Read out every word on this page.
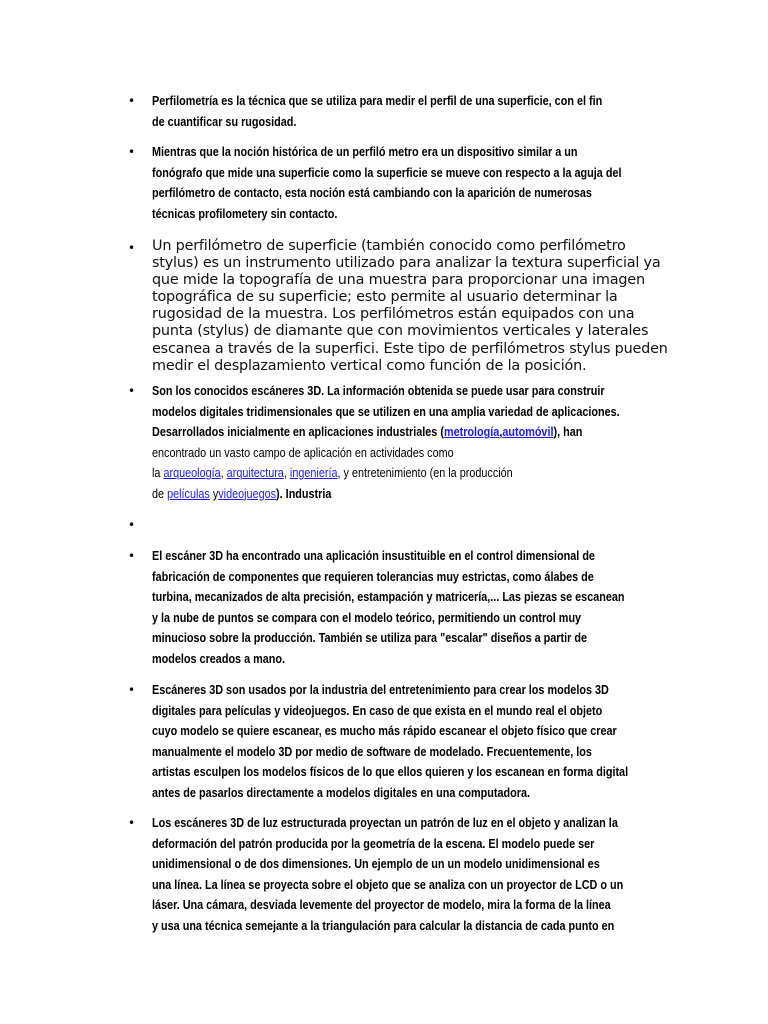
• Perfilometría es la técnica que se utiliza para medir el perfil de una superficie, con el fin
de cuantificar su rugosidad.
• Mientras que la noción histórica de un perfiló metro era un dispositivo similar a un
fonógrafo que mide una superficie como la superficie se mueve con respecto a la aguja del
perfilómetro de contacto, esta noción está cambiando con la aparición de numerosas
técnicas profilometery sin contacto.
• Un perfilómetro de superficie (también conocido como perfilómetro
stylus) es un instrumento utilizado para analizar la textura superficial ya
que mide la topografía de una muestra para proporcionar una imagen
topográfica de su superficie; esto permite al usuario determinar la
rugosidad de la muestra. Los perfilómetros están equipados con una
punta (stylus) de diamante que con movimientos verticales y laterales
escanea a través de la superfici. Este tipo de perfilómetros stylus pueden
medir el desplazamiento vertical como función de la posición.
• Son los conocidos escáneres 3D. La información obtenida se puede usar para construir
modelos digitales tridimensionales que se utilizen en una amplia variedad de aplicaciones.
Desarrollados inicialmente en aplicaciones industriales (metrología,automóvil), han
encontrado un vasto campo de aplicación en actividades como
la arqueología, arquitectura, ingeniería, y entretenimiento (en la producción
de películas yvideojuegos). Industria
•
• El escáner 3D ha encontrado una aplicación insustituible en el control dimensional de
fabricación de componentes que requieren tolerancias muy estrictas, como álabes de
turbina, mecanizados de alta precisión, estampación y matricería,... Las piezas se escanean
y la nube de puntos se compara con el modelo teórico, permitiendo un control muy
minucioso sobre la producción. También se utiliza para "escalar" diseños a partir de
modelos creados a mano.
• Escáneres 3D son usados por la industria del entretenimiento para crear los modelos 3D
digitales para películas y videojuegos. En caso de que exista en el mundo real el objeto
cuyo modelo se quiere escanear, es mucho más rápido escanear el objeto físico que crear
manualmente el modelo 3D por medio de software de modelado. Frecuentemente, los
artistas esculpen los modelos físicos de lo que ellos quieren y los escanean en forma digital
antes de pasarlos directamente a modelos digitales en una computadora.
• Los escáneres 3D de luz estructurada proyectan un patrón de luz en el objeto y analizan la
deformación del patrón producida por la geometría de la escena. El modelo puede ser
unidimensional o de dos dimensiones. Un ejemplo de un un modelo unidimensional es
una línea. La línea se proyecta sobre el objeto que se analiza con un proyector de LCD o un
láser. Una cámara, desviada levemente del proyector de modelo, mira la forma de la línea
y usa una técnica semejante a la triangulación para calcular la distancia de cada punto en
